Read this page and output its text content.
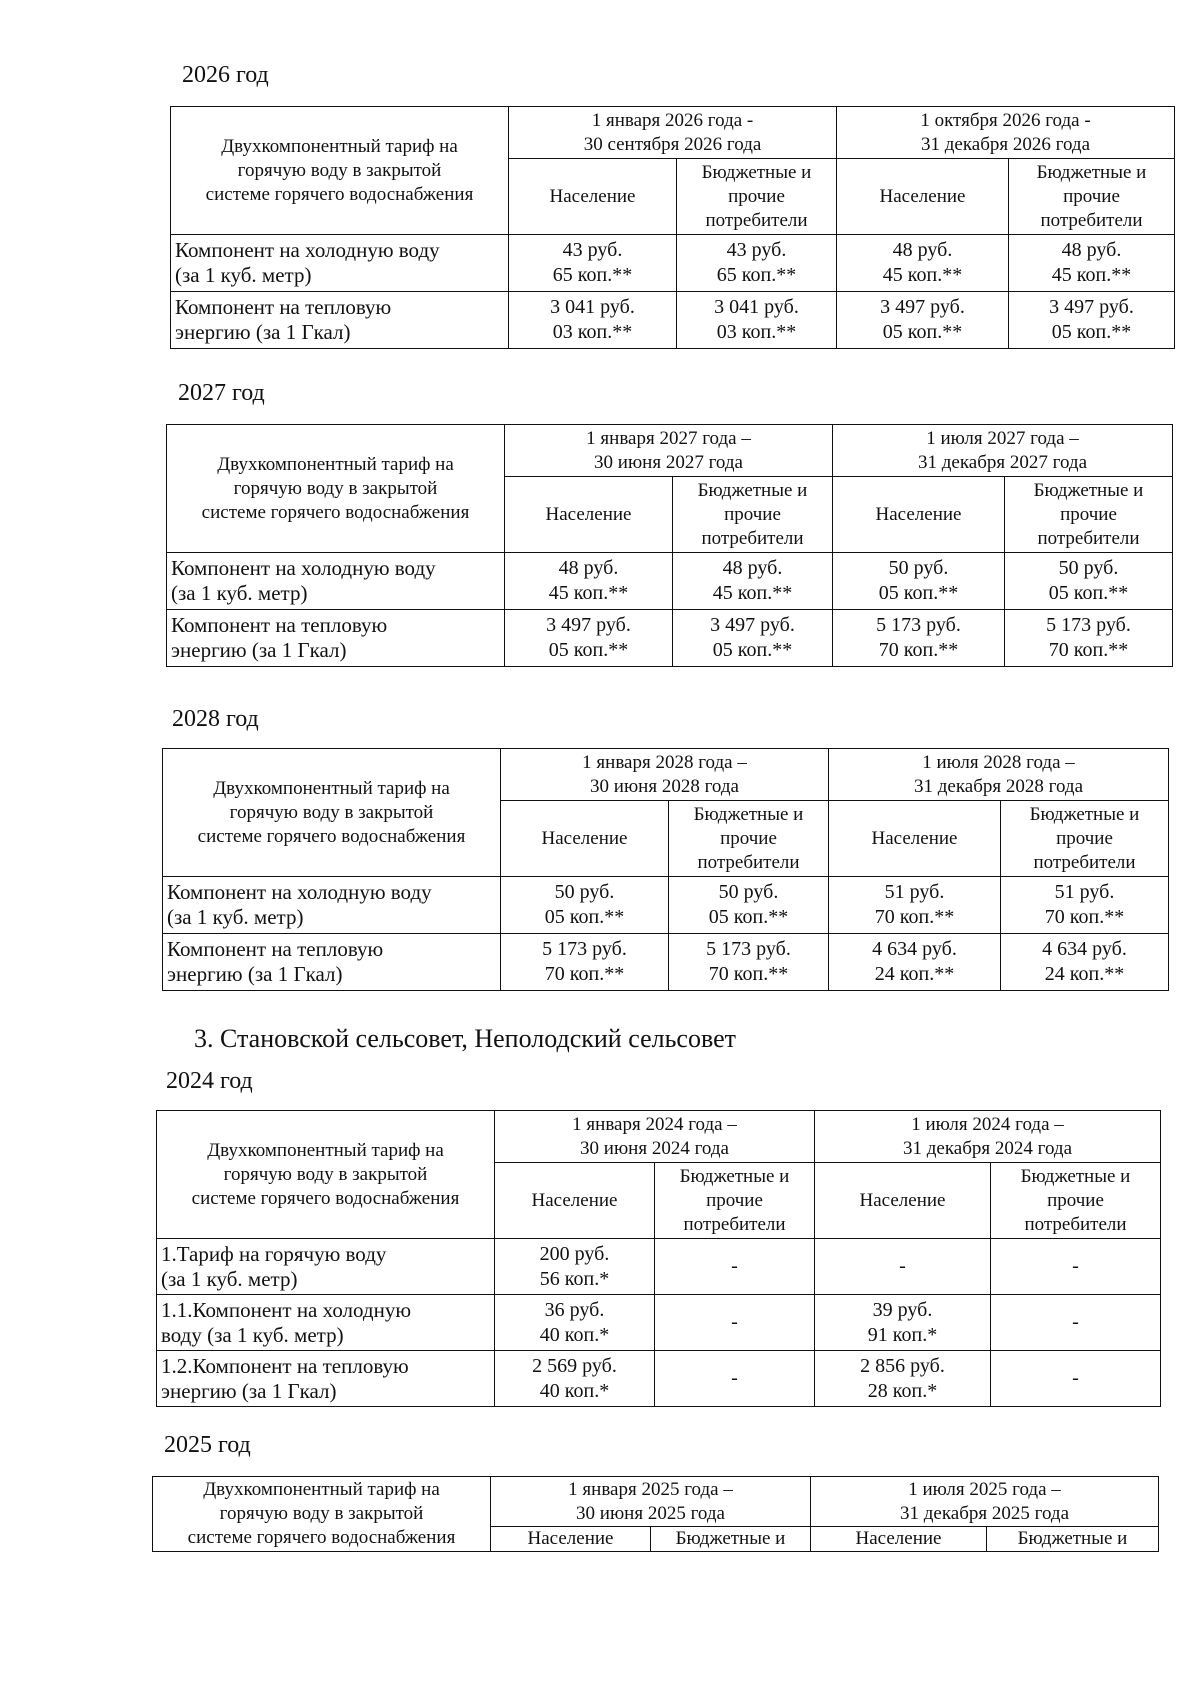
2026 год
Двухкомпонентный тариф на
горячую воду в закрытой
системе горячего водоснабжения	1 января 2026 года -
30 сентября 2026 года		1 октября 2026 года -
31 декабря 2026 года	

	Население	Бюджетные и
прочие
потребители	Население	Бюджетные и
прочие
потребители

Компонент на холодную воду
(за 1 куб. метр)	43 руб.
65 коп.**	43 руб.
65 коп.**	48 руб.
45 коп.**	48 руб.
45 коп.**

Компонент на тепловую
энергию (за 1 Гкал)	3 041 руб.
03 коп.**	3 041 руб.
03 коп.**	3 497 руб.
05 коп.**	3 497 руб.
05 коп.**
2027 год
Двухкомпонентный тариф на
горячую воду в закрытой
системе горячего водоснабжения	1 января 2027 года –
30 июня 2027 года		1 июля 2027 года –
31 декабря 2027 года	

	Население	Бюджетные и
прочие
потребители	Население	Бюджетные и
прочие
потребители

Компонент на холодную воду
(за 1 куб. метр)	48 руб.
45 коп.**	48 руб.
45 коп.**	50 руб.
05 коп.**	50 руб.
05 коп.**

Компонент на тепловую
энергию (за 1 Гкал)	3 497 руб.
05 коп.**	3 497 руб.
05 коп.**	5 173 руб.
70 коп.**	5 173 руб.
70 коп.**
2028 год
Двухкомпонентный тариф на
горячую воду в закрытой
системе горячего водоснабжения	1 января 2028 года –
30 июня 2028 года		1 июля 2028 года –
31 декабря 2028 года	

	Население	Бюджетные и
прочие
потребители	Население	Бюджетные и
прочие
потребители

Компонент на холодную воду
(за 1 куб. метр)	50 руб.
05 коп.**	50 руб.
05 коп.**	51 руб.
70 коп.**	51 руб.
70 коп.**

Компонент на тепловую
энергию (за 1 Гкал)	5 173 руб.
70 коп.**	5 173 руб.
70 коп.**	4 634 руб.
24 коп.**	4 634 руб.
24 коп.**
3. Становской сельсовет, Неполодский сельсовет
2024 год
Двухкомпонентный тариф на
горячую воду в закрытой
системе горячего водоснабжения	1 января 2024 года –
30 июня 2024 года		1 июля 2024 года –
31 декабря 2024 года	

	Население	Бюджетные и
прочие
потребители	Население	Бюджетные и
прочие
потребители

1.Тариф на горячую воду
(за 1 куб. метр)	200 руб.
56 коп.*	-	-	-

1.1.Компонент на холодную
воду (за 1 куб. метр)	36 руб.
40 коп.*	-	39 руб.
91 коп.*	-

1.2.Компонент на тепловую
энергию (за 1 Гкал)	2 569 руб.
40 коп.*	-	2 856 руб.
28 коп.*	-
2025 год
Двухкомпонентный тариф на
горячую воду в закрытой
системе горячего водоснабжения	1 января 2025 года –
30 июня 2025 года		1 июля 2025 года –
31 декабря 2025 года	

	Население	Бюджетные и	Население	Бюджетные и
